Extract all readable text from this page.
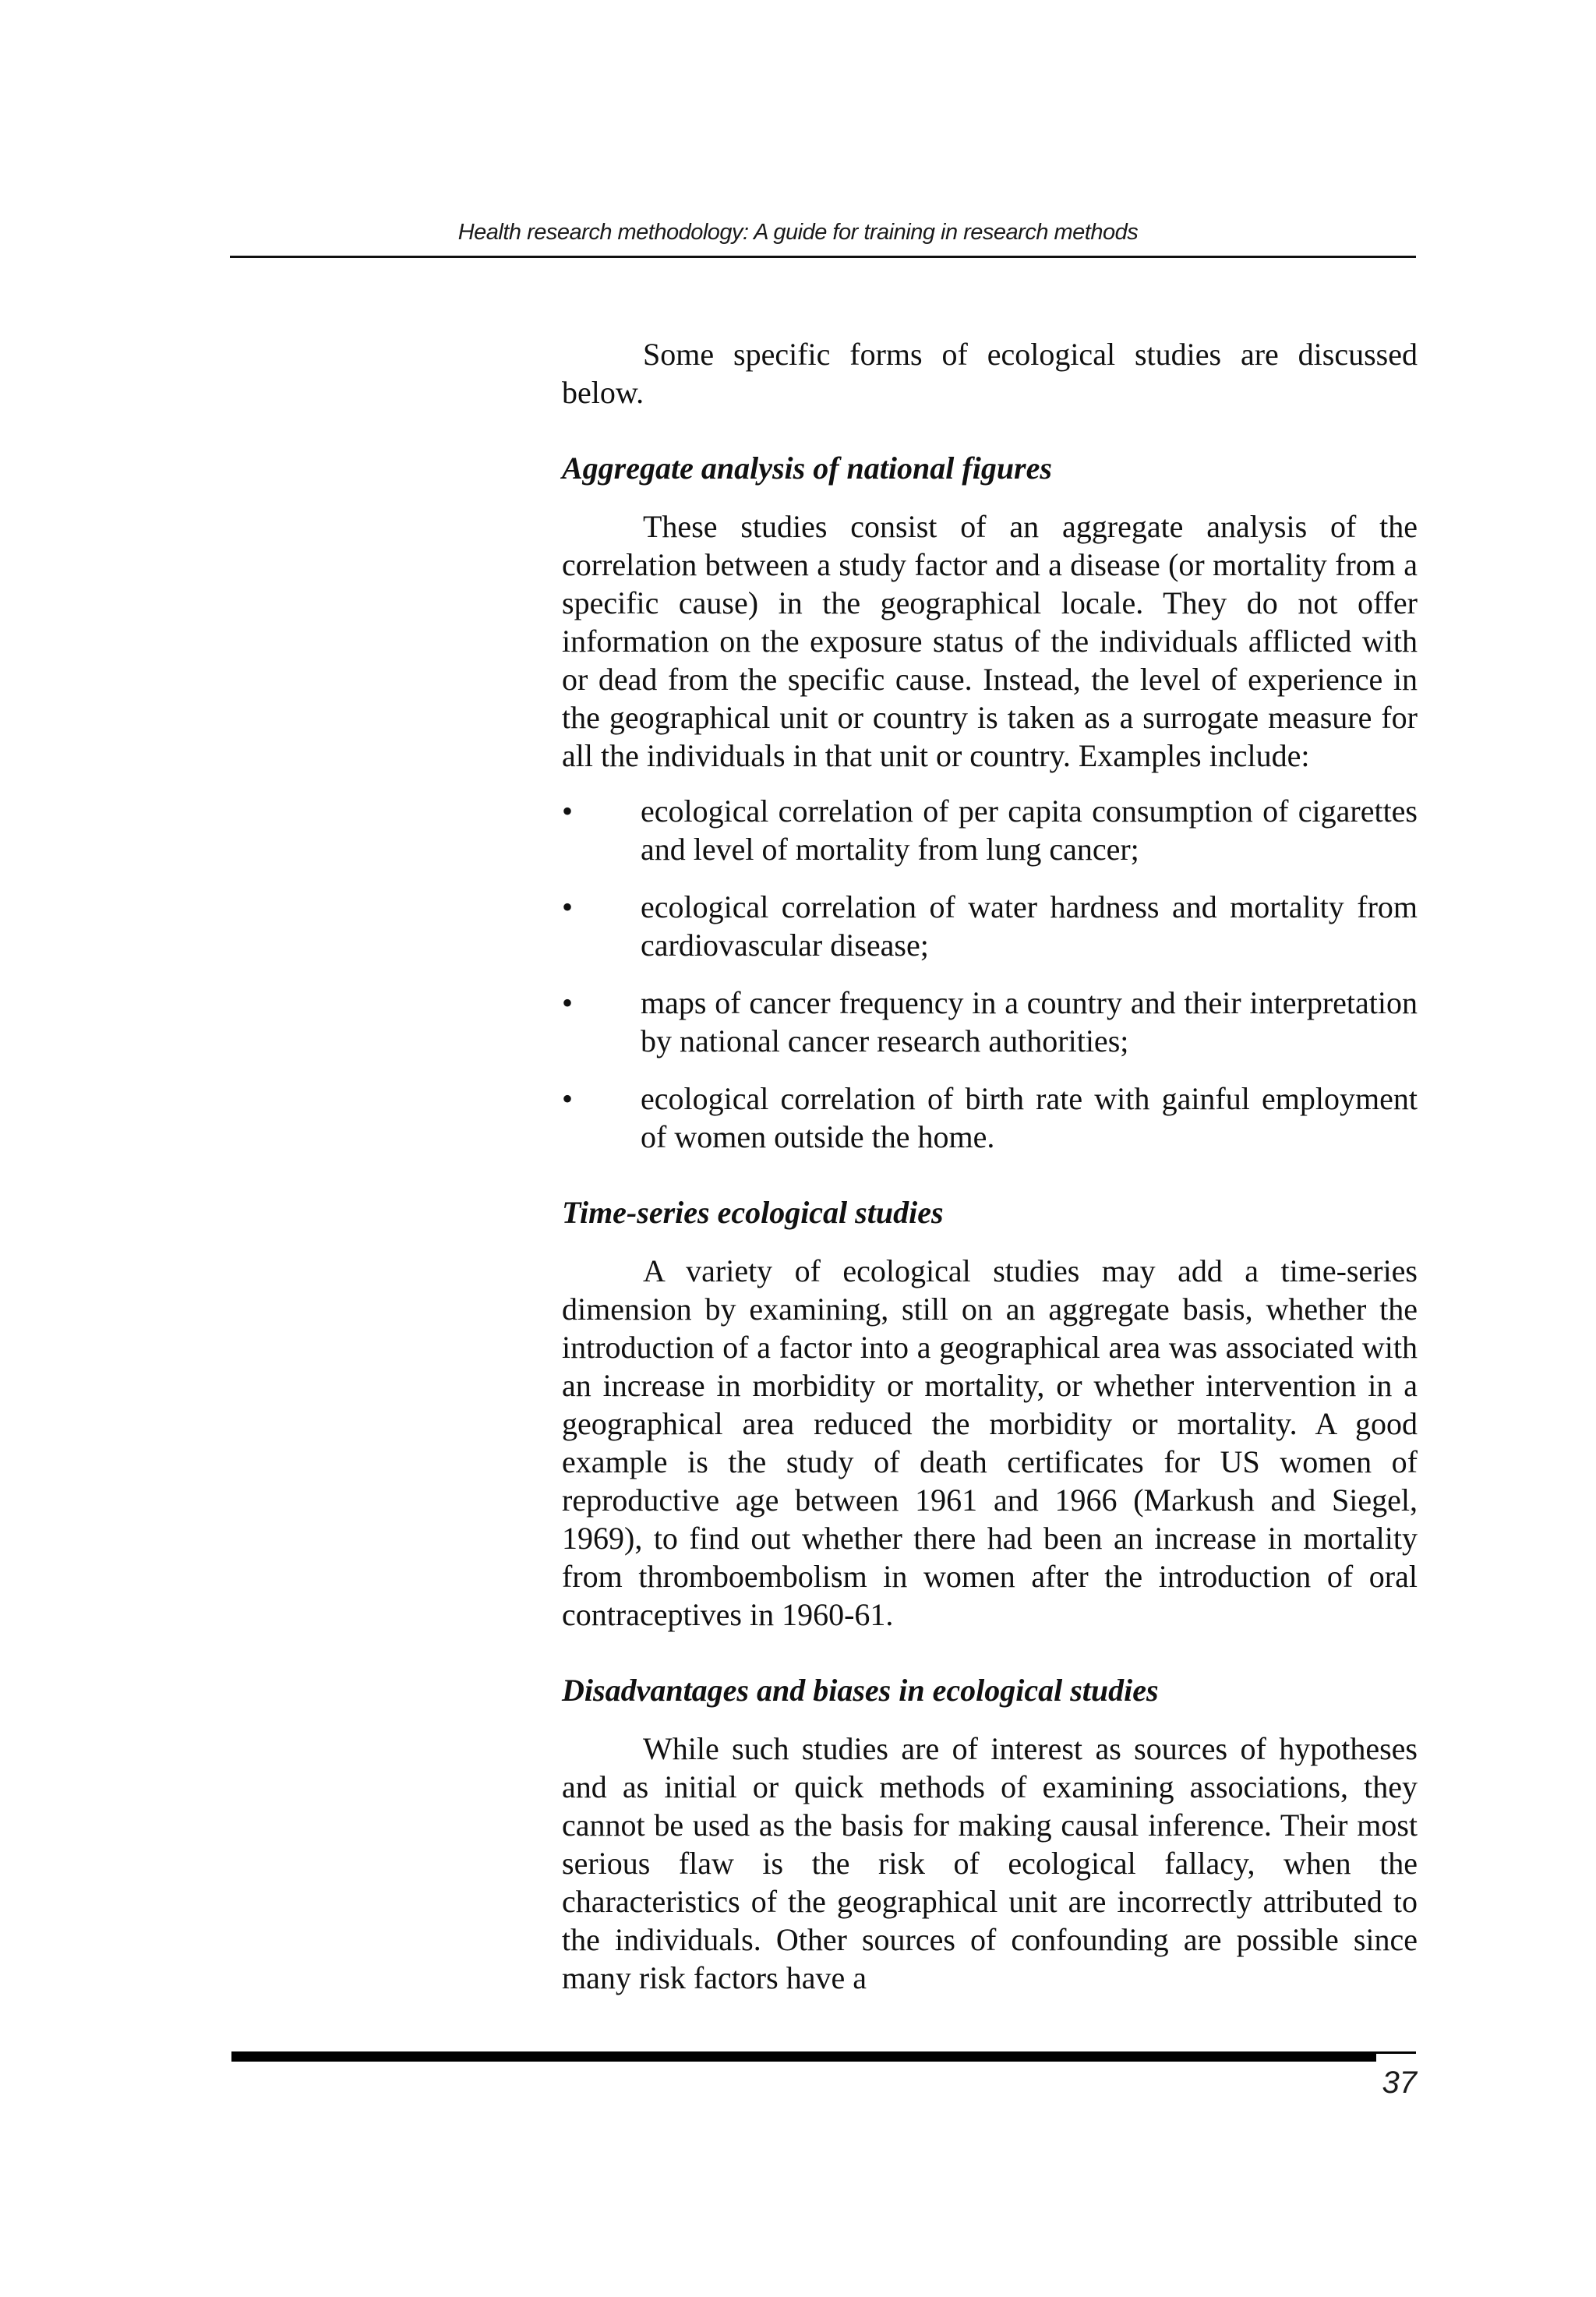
Health research methodology: A guide for training in research methods

Some specific forms of ecological studies are discussed below.

Aggregate analysis of national figures

These studies consist of an aggregate analysis of the correlation between a study factor and a disease (or mortality from a specific cause) in the geographical locale. They do not offer information on the exposure status of the individuals afflicted with or dead from the specific cause. Instead, the level of experience in the geographical unit or country is taken as a surrogate measure for all the individuals in that unit or country. Examples include:

• ecological correlation of per capita consumption of cigarettes and level of mortality from lung cancer;
• ecological correlation of water hardness and mortality from cardiovascular disease;
• maps of cancer frequency in a country and their interpretation by national cancer research authorities;
• ecological correlation of birth rate with gainful employment of women outside the home.
Time-series ecological studies

A variety of ecological studies may add a time-series dimension by examining, still on an aggregate basis, whether the introduction of a factor into a geographical area was associated with an increase in morbidity or mortality, or whether intervention in a geographical area reduced the morbidity or mortality. A good example is the study of death certificates for US women of reproductive age between 1961 and 1966 (Markush and Siegel, 1969), to find out whether there had been an increase in mortality from thromboembolism in women after the introduction of oral contraceptives in 1960-61.

Disadvantages and biases in ecological studies

While such studies are of interest as sources of hypotheses and as initial or quick methods of examining associations, they cannot be used as the basis for making causal inference. Their most serious flaw is the risk of ecological fallacy, when the characteristics of the geographical unit are incorrectly attributed to the individuals. Other sources of confounding are possible since many risk factors have a

37
